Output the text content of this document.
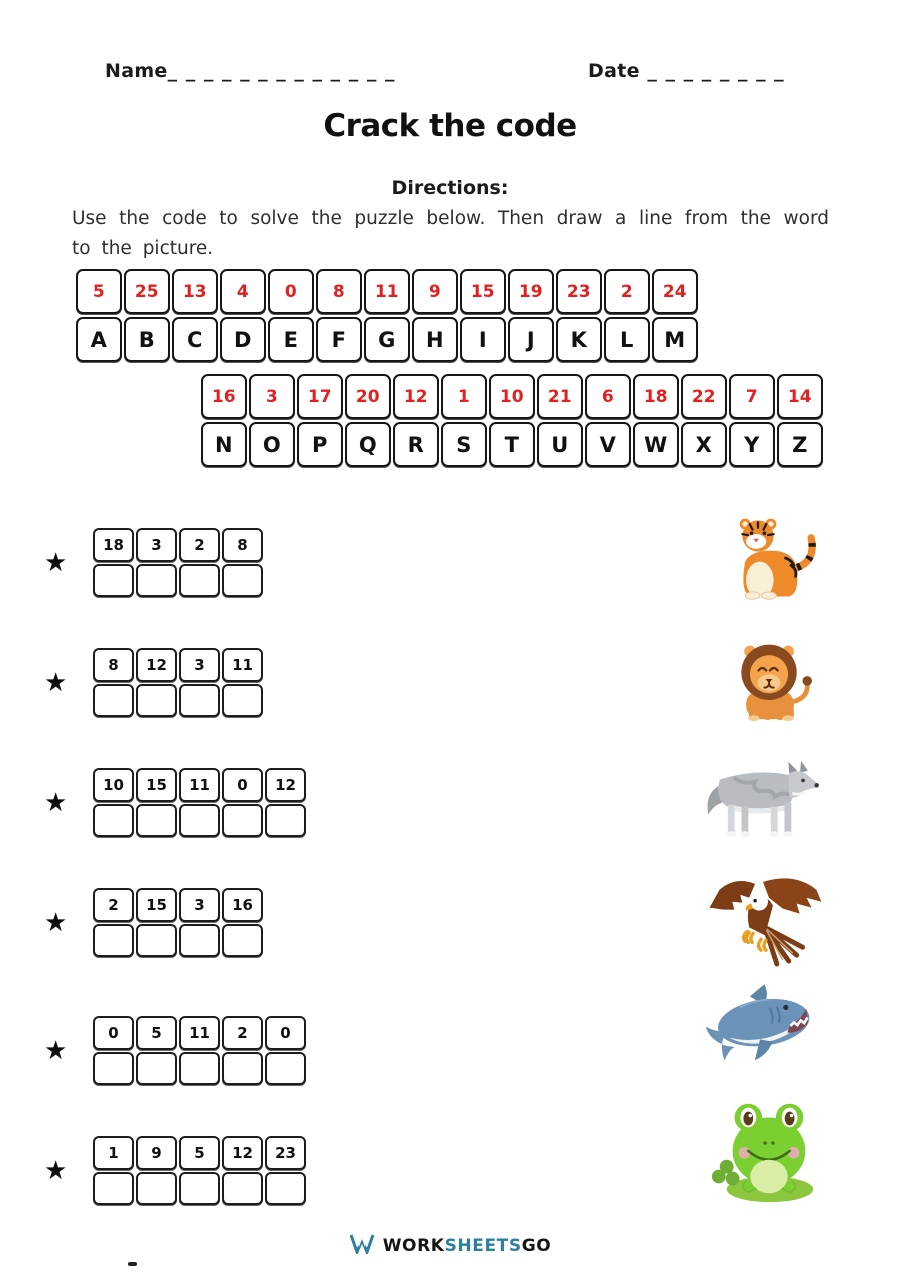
Name_ _ _ _ _ _ _ _ _ _ _ _ _	Date _ _ _ _ _ _ _ _
Crack the code
Directions:

Use the code to solve the puzzle below. Then draw a line from the word to the picture.

5	25	13	4	0	8	11	9	15	19	23	2	24
A	B	C	D	E	F	G	H	I	J	K	L	M
16	3	17	20	12	1	10	21	6	18	22	7	14
N	O	P	Q	R	S	T	U	V	W	X	Y	Z
★
18	3	2	8
★
8	12	3	11
★
10	15	11	0	12
★
2	15	3	16
★
0	5	11	2	0
★
1	9	5	12	23
WORKSHEETSGO
